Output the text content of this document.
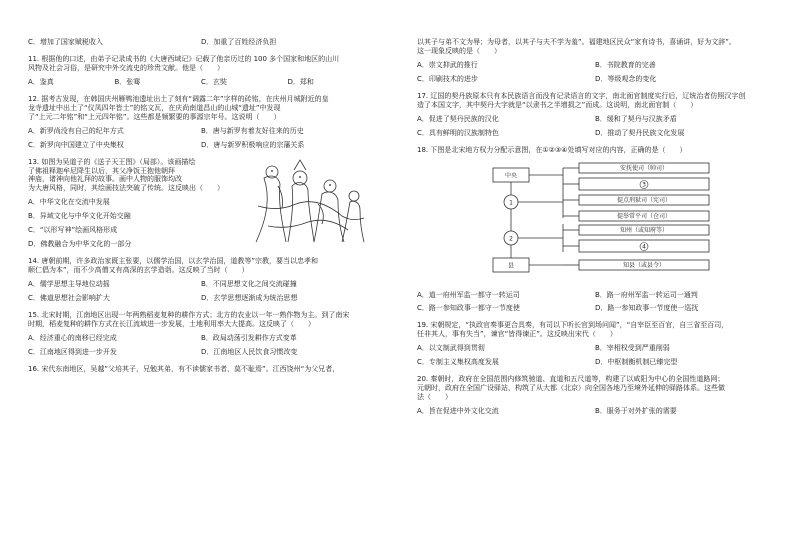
C．增加了国家赋税收入	D．加重了百姓经济负担

11. 根据他的口述，由弟子记录成书的《大唐西域记》记载了他亲历过的 100 多个国家和地区的山川

风物及社会习俗，是研究中外交流史的珍贵文献。他是（　　）

A．鉴真	B．张骞	C．玄奘	D．郑和

12. 据考古发现，在韩国庆州雁鸭池遗址出土了刻有“调露二年”字样的砖铭，在庆州月城附近的皇

龙寺遗址中出土了“仪凤四年皆土”的铭文瓦，在庆尚南道昌山的山城“遗址”中发现

了“上元二年铭”和“上元四年铭”。这些都是频繁要的事源宗年号。这说明（　　）

A．新罗尚没有自己的纪年方式	B．唐与新罗有着友好往来的历史
C．新罗向中国建立了中央集权	D．唐与新罗积极响应的宗藩关系

13. 如图为吴道子的《送子天王图》（局部）。该画描绘

了佛祖释迦牟尼降生以后，其父净饭王抱他朝拜

神庙，诸神向他礼拜的故事。画中人物的服饰均改

为大唐风格，同时，其绘画技法突破了传统。这反映出（　　）

A．中华文化在交流中发展

B．异域文化与中华文化开始交融

C．“以形写神”绘画风格形成

D．佛教融合为中华文化的一部分

14. 唐朝前期，许多政治家既主张要，以儒学治国，以玄学治国，道教等”宗教，要当以忠孝和

顺仁倡为本”，而不少高僧又有高深的玄学造诣。这反映了当时（　　）

A．儒学思想主导地位动摇	B．不同思想文化之间交流碰撞
C．佛道思想社会影响扩大	D．玄学思想逐渐成为统治思想

15. 北宋时期，江南地区出现一年两熟稻麦复种的耕作方式；北方的农业以一年一熟作物为主。到了南宋

时期，稻麦复种的耕作方式在长江流域进一步发展，土地利用率大大提高。这反映了（　　）

A．经济重心的南移已经完成	B．政局动荡引发耕作方式变革
C．江南地区得到进一步开发	D．江南地区人民饮食习惯改变

16. 宋代东南地区，吴越”父培其子，兄勉其弟，有不读儒家书者，莫不耻焉”。江西饶州“为父兄者，

以其子与弟不文为辱；为母者，以其子与夫不学为羞”。福建地区民众“家有诗书，喜诵讲，好为文辞”。

这一现象反映的是（　　）

A．崇文抑武的推行	B．书院教育的完善
C．印刷技术的进步	D．等级观念的变化

17. 辽国的契丹族原本只有本民族语言而没有记录语言的文字，南北面官制度实行后，辽统治者仿照汉字创

造了本国文字，其中契丹大字就是“以隶书之半增损之”而成。这说明，南北面官制（　　）

A．促进了契丹民族的汉化	B．缓和了契丹与汉族矛盾
C．具有鲜明的汉族制特色	D．推动了契丹民族文化发展

18. 下图是北宋地方权力分配示意图，在①②③④处填写对应的内容，正确的是（　　）

中央
1
2
县
安抚使司（帅司）
3
提点刑狱司（宪司）
提举常平司（仓司）
知州（或知府等）
4
知县（或县令）
A．道一府州军监一都守一转运司	B．路一府州军监一转运司一通判
C．路一参知政事一都守一节度使	D．路一参知政事一节度使一巡抚

19. 宋朝规定，“执政官奏事更合具奏，有司以下听长官到场问闻”，“自宰臣至百官，自三省至百司，

任非其人，事有失当”，谏官“皆得谏正”。这反映出宋代（　　）

A．以文制武得到贯彻	B．宰相权受到严重削弱
C．专制主义集权高度发展	D．中枢制衡机制已臻完型

20. 秦朝时，政府在全国范围内修筑驰道、直道和五尺道等，构建了以咸阳为中心的全国性道路网；

元朝时，政府在全国广设驿站，构筑了从大都（北京）向全国各地乃至境外延伸的驿路体系。这些做

法（　　）

A．旨在促进中外文化交流	B．服务于对外扩张的需要
